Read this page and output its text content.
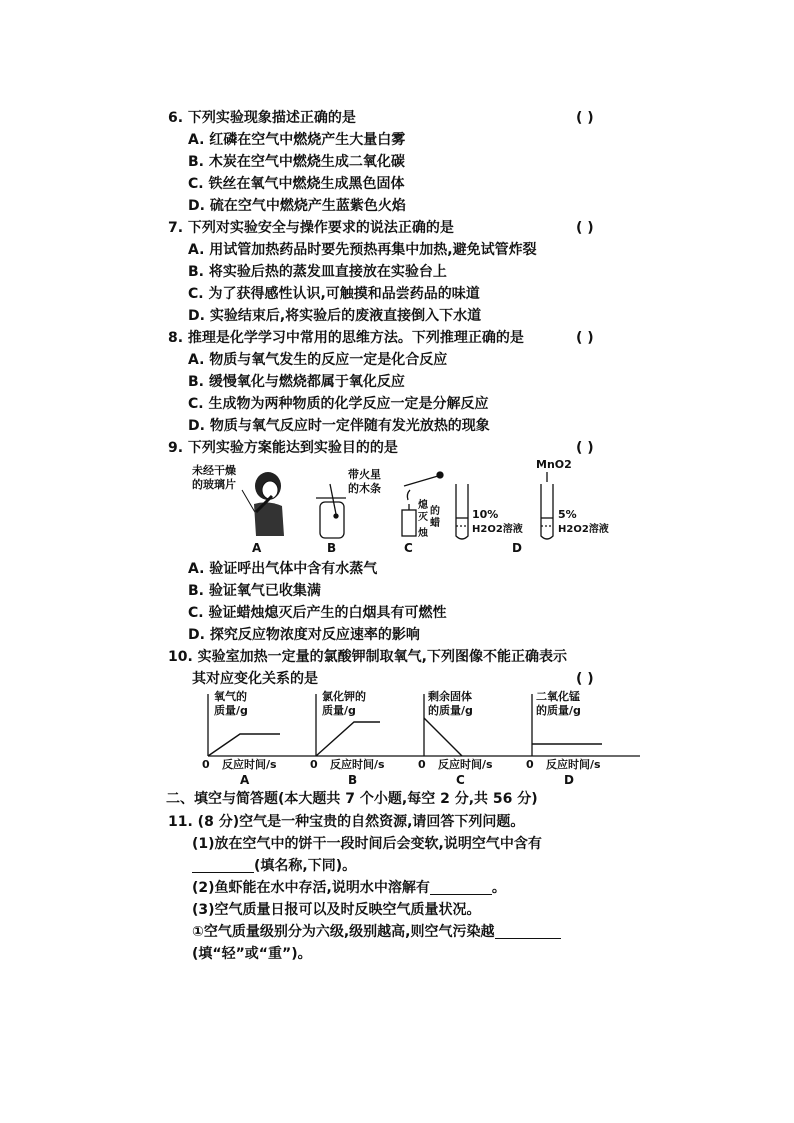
6. 下列实验现象描述正确的是	( )
A. 红磷在空气中燃烧产生大量白雾
B. 木炭在空气中燃烧生成二氧化碳
C. 铁丝在氧气中燃烧生成黑色固体
D. 硫在空气中燃烧产生蓝紫色火焰
7. 下列对实验安全与操作要求的说法正确的是	( )
A. 用试管加热药品时要先预热再集中加热,避免试管炸裂
B. 将实验后热的蒸发皿直接放在实验台上
C. 为了获得感性认识,可触摸和品尝药品的味道
D. 实验结束后,将实验后的废液直接倒入下水道
8. 推理是化学学习中常用的思维方法。下列推理正确的是	( )
A. 物质与氧气发生的反应一定是化合反应
B. 缓慢氧化与燃烧都属于氧化反应
C. 生成物为两种物质的化学反应一定是分解反应
D. 物质与氧气反应时一定伴随有发光放热的现象
9. 下列实验方案能达到实验目的的是	( )
未经干燥
的玻璃片
A
带火星
的木条
B
熄
灭
的
蜡
烛
C
MnO2
10%
H2O2溶液
5%
H2O2溶液
D
A. 验证呼出气体中含有水蒸气
B. 验证氧气已收集满
C. 验证蜡烛熄灭后产生的白烟具有可燃性
D. 探究反应物浓度对反应速率的影响
10. 实验室加热一定量的氯酸钾制取氧气,下列图像不能正确表示
其对应变化关系的是	( )
氧气的
质量/g
0 反应时间/s
A
氯化钾的
质量/g
0 反应时间/s
B
剩余固体
的质量/g
0 反应时间/s
C
二氧化锰
的质量/g
0 反应时间/s
D
二、填空与简答题(本大题共 7 个小题,每空 2 分,共 56 分)
11. (8 分)空气是一种宝贵的自然资源,请回答下列问题。
(1)放在空气中的饼干一段时间后会变软,说明空气中含有
(填名称,下同)。
(2)鱼虾能在水中存活,说明水中溶解有	。
(3)空气质量日报可以及时反映空气质量状况。
①空气质量级别分为六级,级别越高,则空气污染越
(填“轻”或“重”)。
